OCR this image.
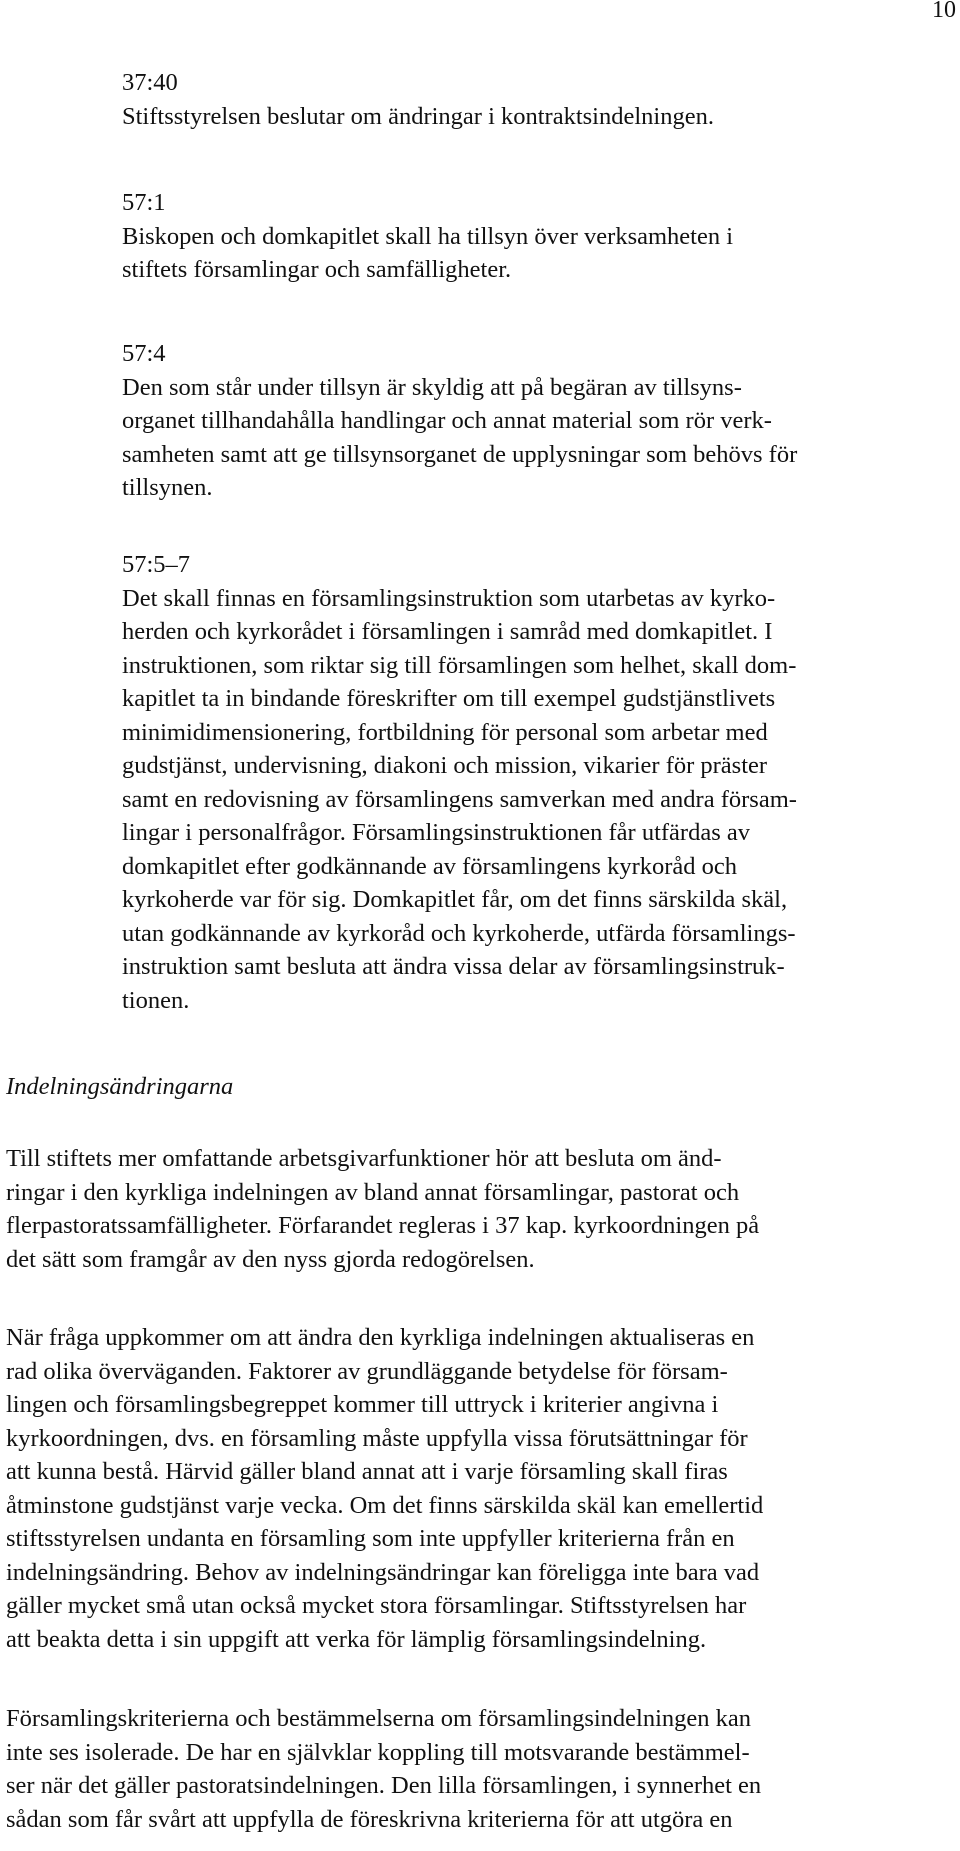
10
37:40
Stiftsstyrelsen beslutar om ändringar i kontraktsindelningen.
57:1
Biskopen och domkapitlet skall ha tillsyn över verksamheten i
stiftets församlingar och samfälligheter.
57:4
Den som står under tillsyn är skyldig att på begäran av tillsyns-
organet tillhandahålla handlingar och annat material som rör verk-
samheten samt att ge tillsynsorganet de upplysningar som behövs för
tillsynen.
57:5–7
Det skall finnas en församlingsinstruktion som utarbetas av kyrko-
herden och kyrkorådet i församlingen i samråd med domkapitlet. I
instruktionen, som riktar sig till församlingen som helhet, skall dom-
kapitlet ta in bindande föreskrifter om till exempel gudstjänstlivets
minimidimensionering, fortbildning för personal som arbetar med
gudstjänst, undervisning, diakoni och mission, vikarier för präster
samt en redovisning av församlingens samverkan med andra försam-
lingar i personalfrågor. Församlingsinstruktionen får utfärdas av
domkapitlet efter godkännande av församlingens kyrkoråd och
kyrkoherde var för sig. Domkapitlet får, om det finns särskilda skäl,
utan godkännande av kyrkoråd och kyrkoherde, utfärda församlings-
instruktion samt besluta att ändra vissa delar av församlingsinstruk-
tionen.
Indelningsändringarna
Till stiftets mer omfattande arbetsgivarfunktioner hör att besluta om änd-
ringar i den kyrkliga indelningen av bland annat församlingar, pastorat och
flerpastoratssamfälligheter. Förfarandet regleras i 37 kap. kyrkoordningen på
det sätt som framgår av den nyss gjorda redogörelsen.
När fråga uppkommer om att ändra den kyrkliga indelningen aktualiseras en
rad olika överväganden. Faktorer av grundläggande betydelse för försam-
lingen och församlingsbegreppet kommer till uttryck i kriterier angivna i
kyrkoordningen, dvs. en församling måste uppfylla vissa förutsättningar för
att kunna bestå. Härvid gäller bland annat att i varje församling skall firas
åtminstone gudstjänst varje vecka. Om det finns särskilda skäl kan emellertid
stiftsstyrelsen undanta en församling som inte uppfyller kriterierna från en
indelningsändring. Behov av indelningsändringar kan föreligga inte bara vad
gäller mycket små utan också mycket stora församlingar. Stiftsstyrelsen har
att beakta detta i sin uppgift att verka för lämplig församlingsindelning.
Församlingskriterierna och bestämmelserna om församlingsindelningen kan
inte ses isolerade. De har en självklar koppling till motsvarande bestämmel-
ser när det gäller pastoratsindelningen. Den lilla församlingen, i synnerhet en
sådan som får svårt att uppfylla de föreskrivna kriterierna för att utgöra en
